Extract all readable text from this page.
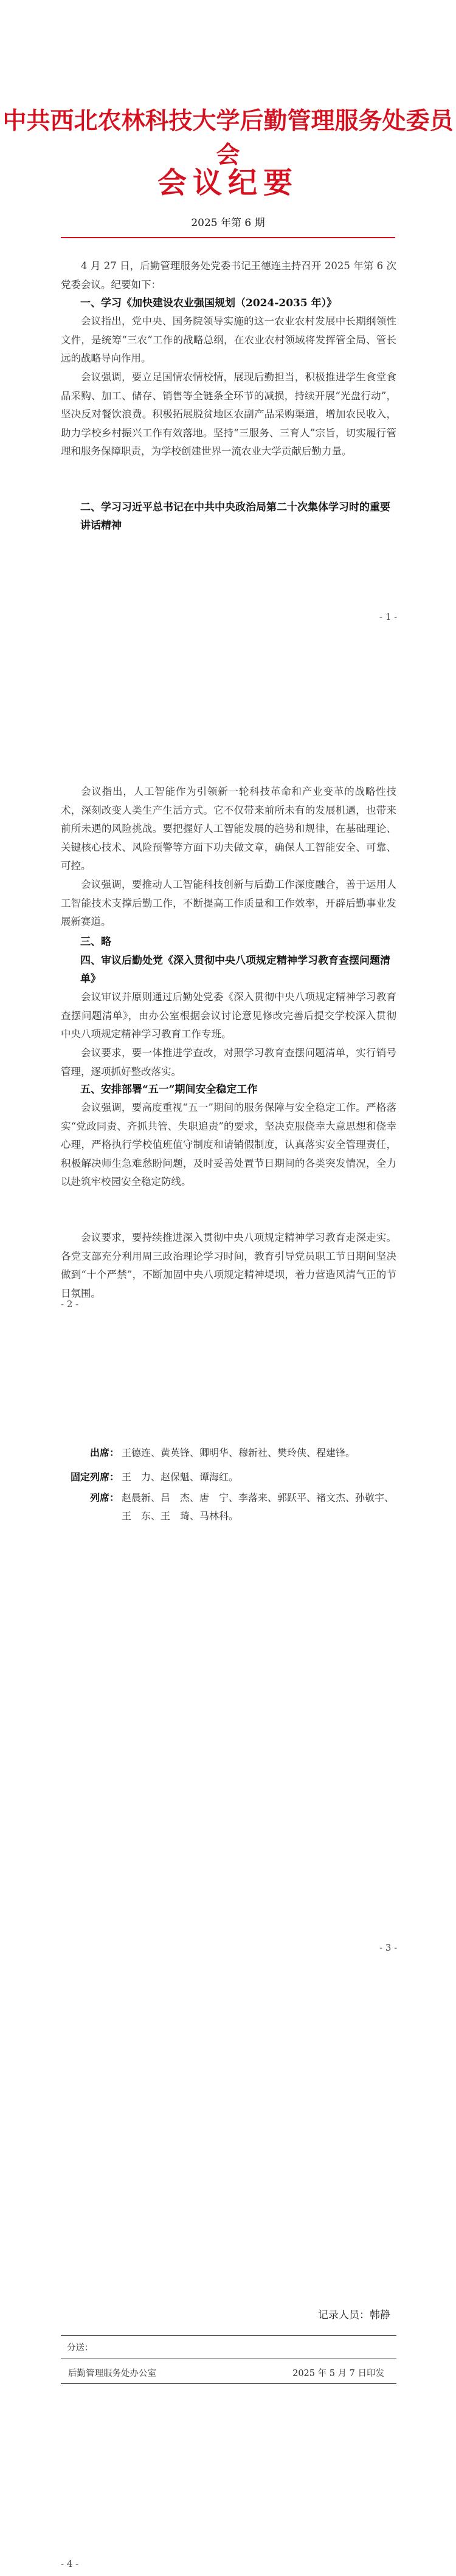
中共西北农林科技大学后勤管理服务处委员会
会议纪要
2025 年第 6 期
4 月 27 日，后勤管理服务处党委书记王德连主持召开 2025 年第 6 次党委会议。纪要如下：
一、学习《加快建设农业强国规划（2024-2035 年）》
会议指出，党中央、国务院领导实施的这一农业农村发展中长期纲领性文件，是统筹“三农”工作的战略总纲，在农业农村领域将发挥管全局、管长远的战略导向作用。
会议强调，要立足国情农情校情，展现后勤担当，积极推进学生食堂食品采购、加工、储存、销售等全链条全环节的减损，持续开展“光盘行动”，坚决反对餐饮浪费。积极拓展脱贫地区农副产品采购渠道，增加农民收入，助力学校乡村振兴工作有效落地。坚持“三服务、三育人”宗旨，切实履行管理和服务保障职责，为学校创建世界一流农业大学贡献后勤力量。
二、学习习近平总书记在中共中央政治局第二十次集体学习时的重要讲话精神
- 1 -
会议指出，人工智能作为引领新一轮科技革命和产业变革的战略性技术，深刻改变人类生产生活方式。它不仅带来前所未有的发展机遇，也带来前所未遇的风险挑战。要把握好人工智能发展的趋势和规律，在基础理论、关键核心技术、风险预警等方面下功夫做文章，确保人工智能安全、可靠、可控。
会议强调，要推动人工智能科技创新与后勤工作深度融合，善于运用人工智能技术支撑后勤工作，不断提高工作质量和工作效率，开辟后勤事业发展新赛道。
三、略
四、审议后勤处党《深入贯彻中央八项规定精神学习教育查摆问题清单》
会议审议并原则通过后勤处党委《深入贯彻中央八项规定精神学习教育查摆问题清单》，由办公室根据会议讨论意见修改完善后提交学校深入贯彻中央八项规定精神学习教育工作专班。
会议要求，要一体推进学查改，对照学习教育查摆问题清单，实行销号管理，逐项抓好整改落实。
五、安排部署“五一”期间安全稳定工作
会议强调，要高度重视“五一”期间的服务保障与安全稳定工作。严格落实“党政同责、齐抓共管、失职追责”的要求，坚决克服侥幸大意思想和侥幸心理，严格执行学校值班值守制度和请销假制度，认真落实安全管理责任，积极解决师生急难愁盼问题，及时妥善处置节日期间的各类突发情况，全力以赴筑牢校园安全稳定防线。
会议要求，要持续推进深入贯彻中央八项规定精神学习教育走深走实。各党支部充分利用周三政治理论学习时间，教育引导党员职工节日期间坚决做到“十个严禁”，不断加固中央八项规定精神堤坝，着力营造风清气正的节日氛围。
- 2 -
出席： 王德连、黄英锋、卿明华、穆新社、樊玲侠、程建锋。
固定列席： 王　力、赵保魁、谭海红。
列席： 赵晨新、吕　杰、唐　宁、李落来、郭跃平、褚文杰、孙敬宇、王　东、王　琦、马林科。
- 3 -
记录人员：韩静
分送：
后勤管理服务处办公室	2025 年 5 月 7 日印发
- 4 -
